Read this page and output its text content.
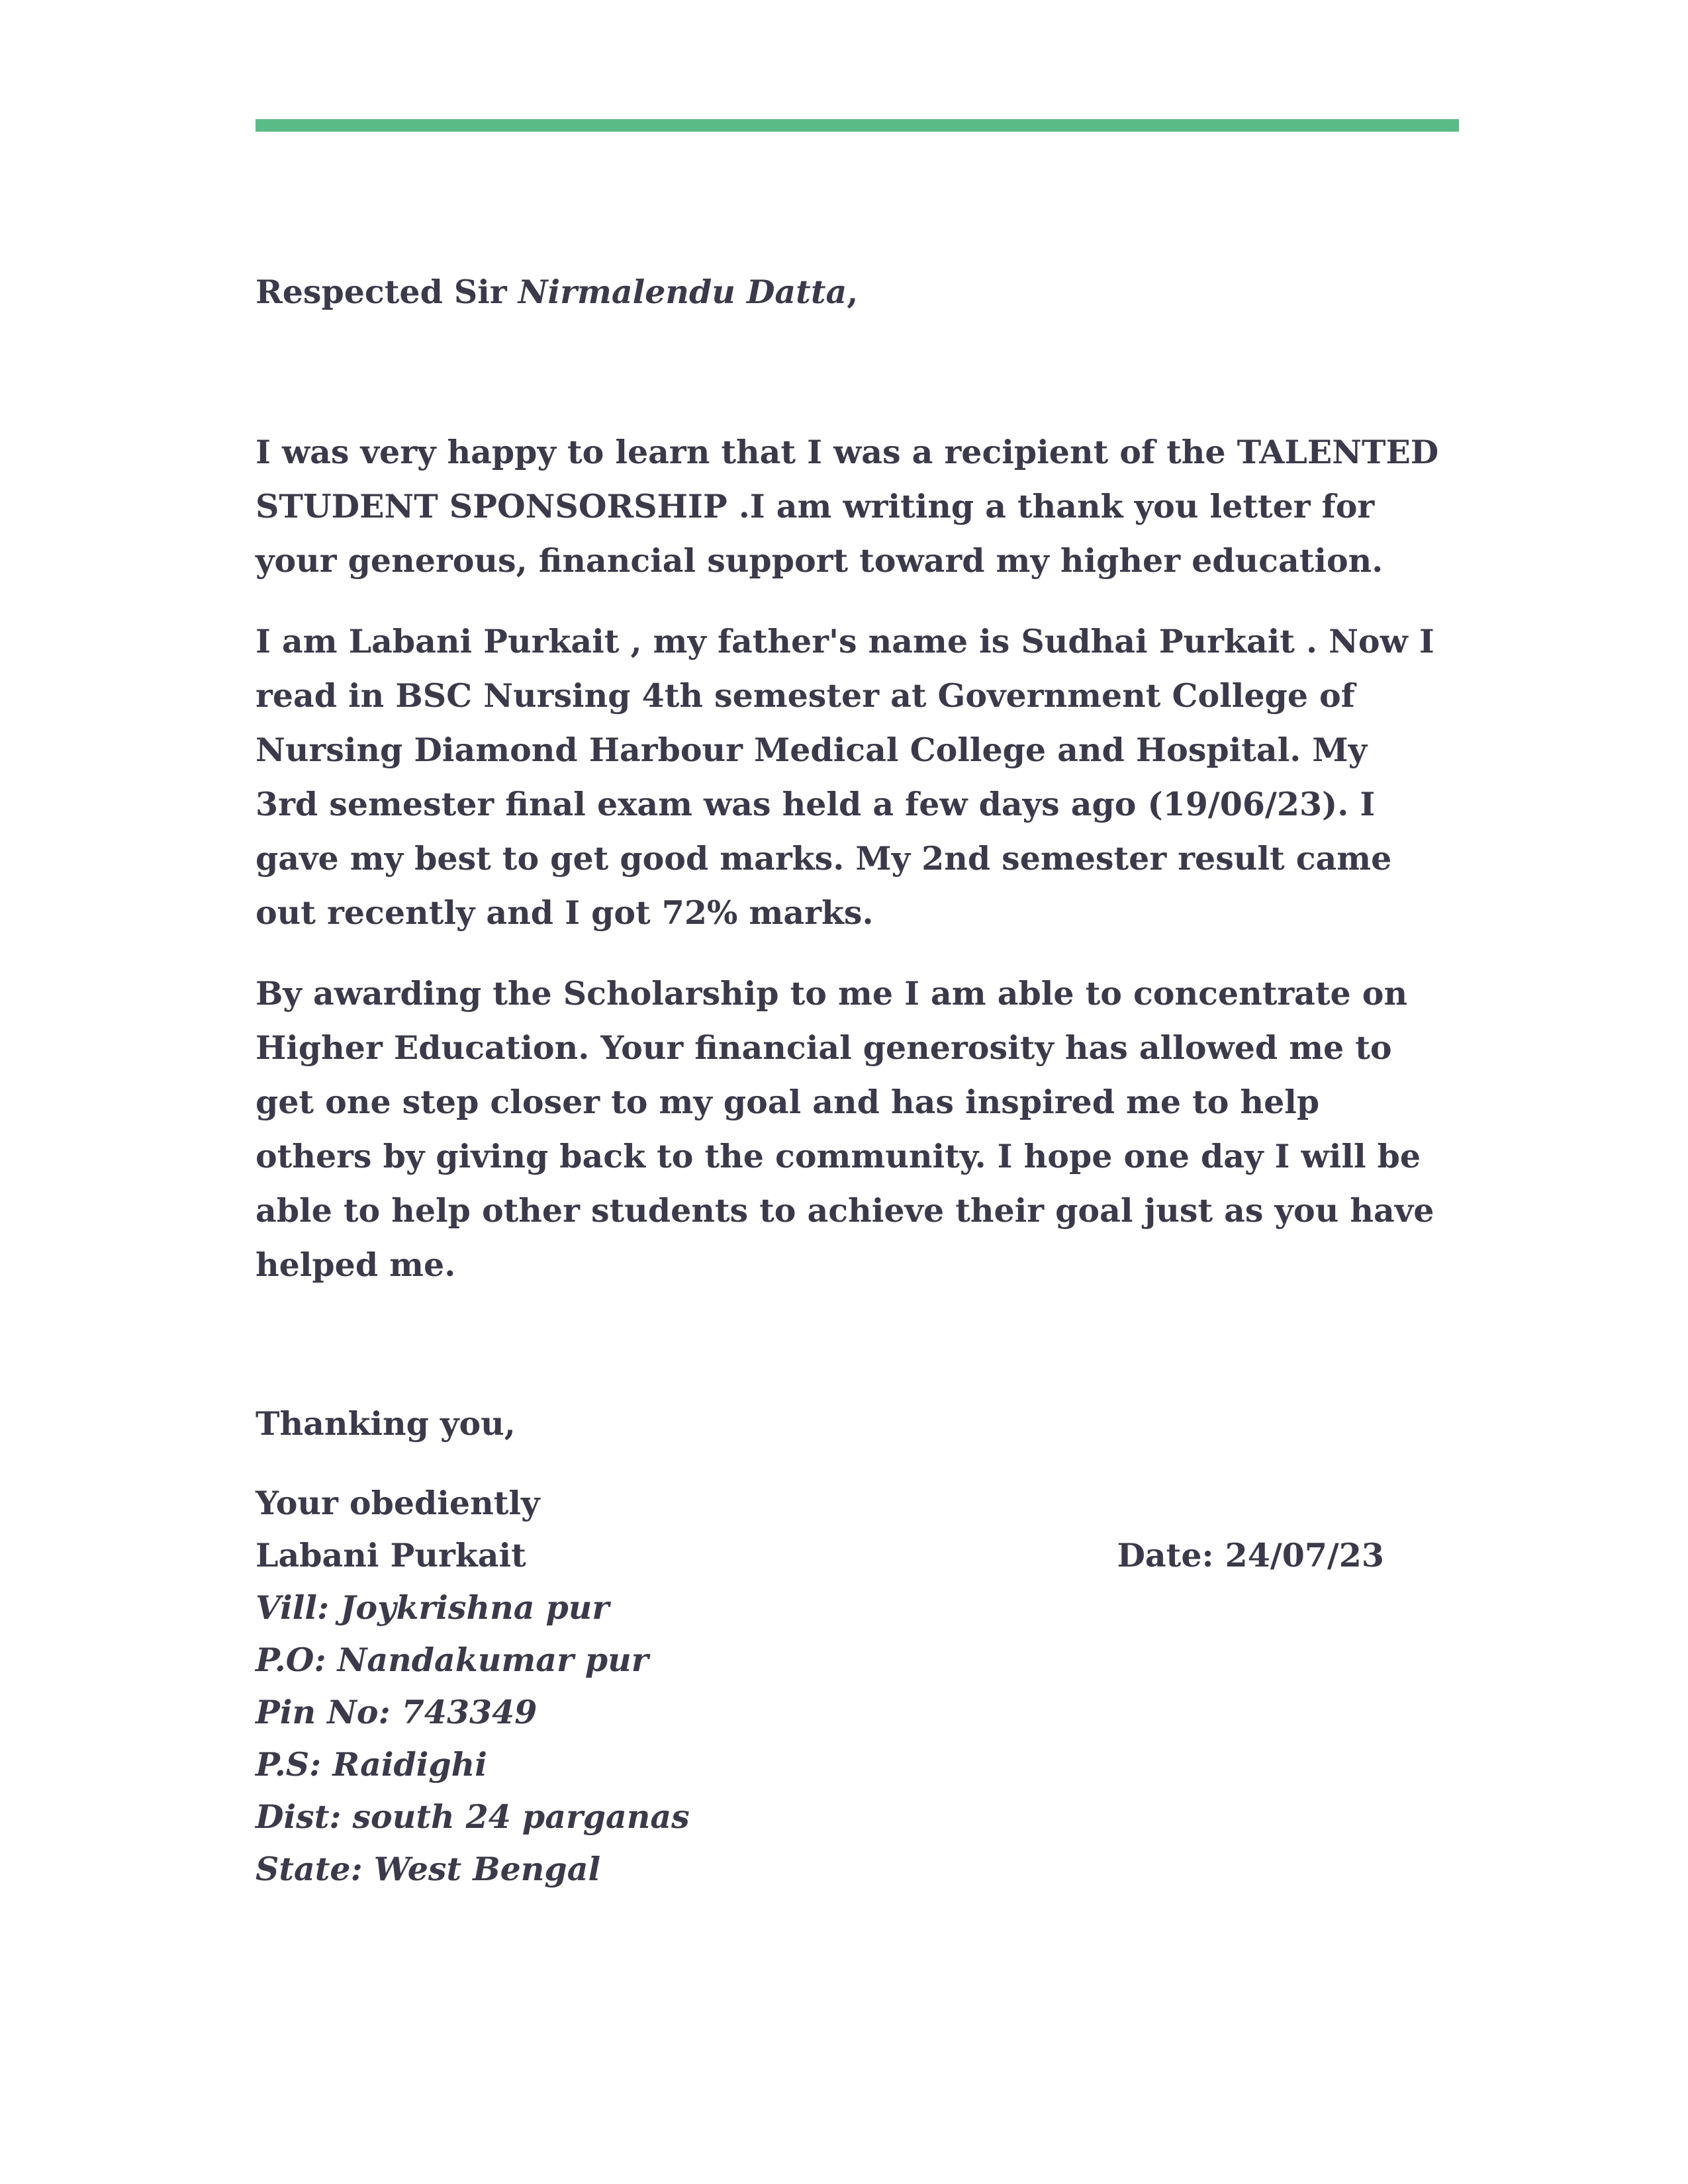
Respected Sir Nirmalendu Datta,

I was very happy to learn that I was a recipient of the TALENTED STUDENT SPONSORSHIP .I am writing a thank you letter for your generous, financial support toward my higher education.

I am Labani Purkait , my father's name is Sudhai Purkait . Now I read in BSC Nursing 4th semester at Government College of Nursing Diamond Harbour Medical College and Hospital. My 3rd semester final exam was held a few days ago (19/06/23). I gave my best to get good marks. My 2nd semester result came out recently and I got 72% marks.

By awarding the Scholarship to me I am able to concentrate on Higher Education. Your financial generosity has allowed me to get one step closer to my goal and has inspired me to help others by giving back to the community. I hope one day I will be able to help other students to achieve their goal just as you have helped me.

Thanking you,

Your obediently
Labani Purkait	Date: 24/07/23
Vill: Joykrishna pur
P.O: Nandakumar pur
Pin No: 743349
P.S: Raidighi
Dist: south 24 parganas
State: West Bengal
